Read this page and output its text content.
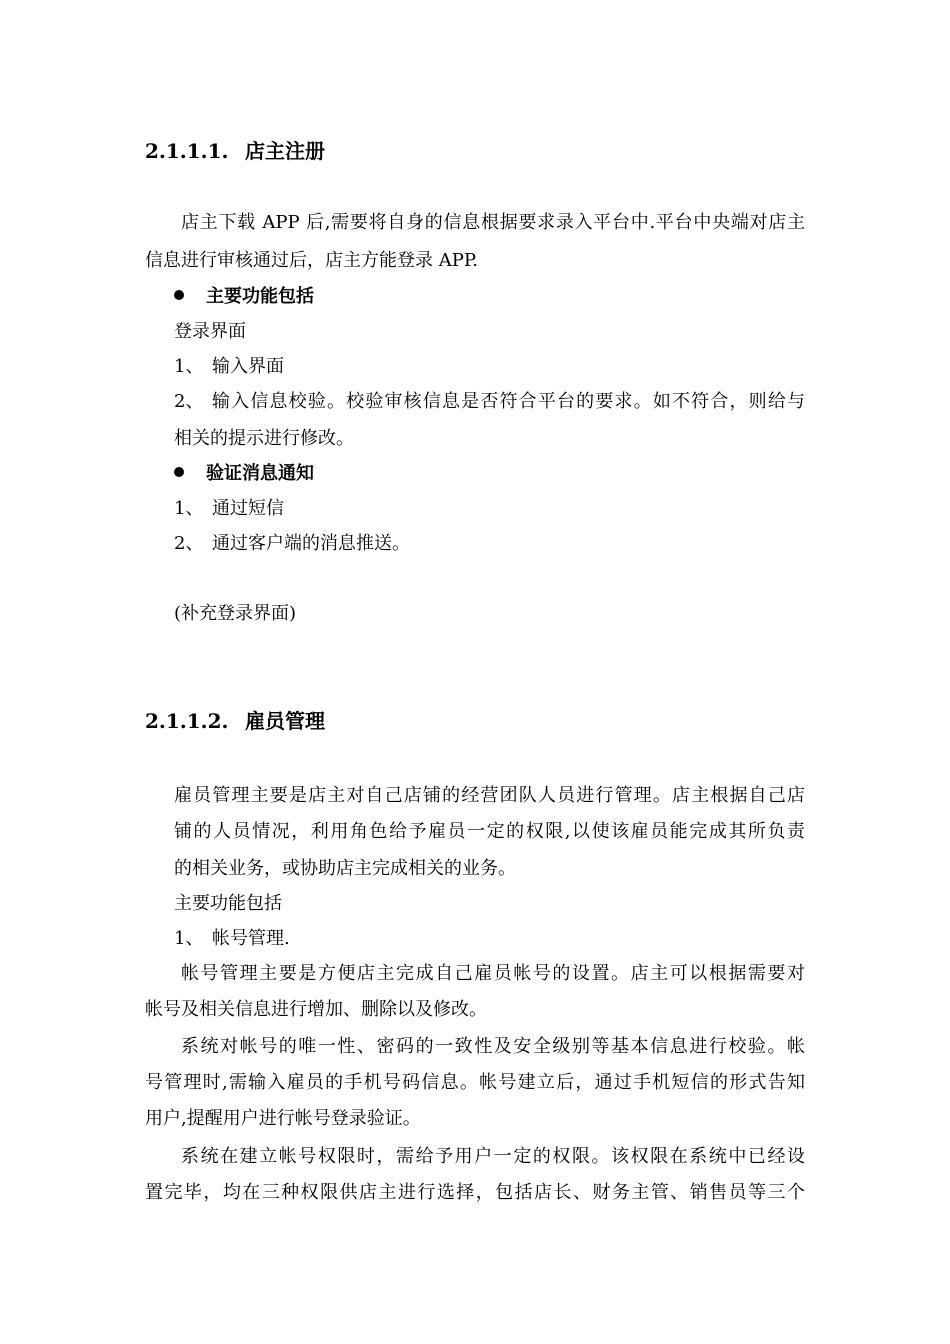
2.1.1.1. 店主注册
店主下载 APP 后,需要将自身的信息根据要求录入平台中.平台中央端对店主
信息进行审核通过后，店主方能登录 APP.
主要功能包括
登录界面
1、 输入界面
2、 输入信息校验。校验审核信息是否符合平台的要求。如不符合，则给与
相关的提示进行修改。
验证消息通知
1、 通过短信
2、 通过客户端的消息推送。
(补充登录界面)
2.1.1.2. 雇员管理
雇员管理主要是店主对自己店铺的经营团队人员进行管理。店主根据自己店
铺的人员情况，利用角色给予雇员一定的权限,以使该雇员能完成其所负责
的相关业务，或协助店主完成相关的业务。
主要功能包括
1、 帐号管理.
帐号管理主要是方便店主完成自己雇员帐号的设置。店主可以根据需要对
帐号及相关信息进行增加、删除以及修改。
系统对帐号的唯一性、密码的一致性及安全级别等基本信息进行校验。帐
号管理时,需输入雇员的手机号码信息。帐号建立后，通过手机短信的形式告知
用户,提醒用户进行帐号登录验证。
系统在建立帐号权限时，需给予用户一定的权限。该权限在系统中已经设
置完毕，均在三种权限供店主进行选择，包括店长、财务主管、销售员等三个
